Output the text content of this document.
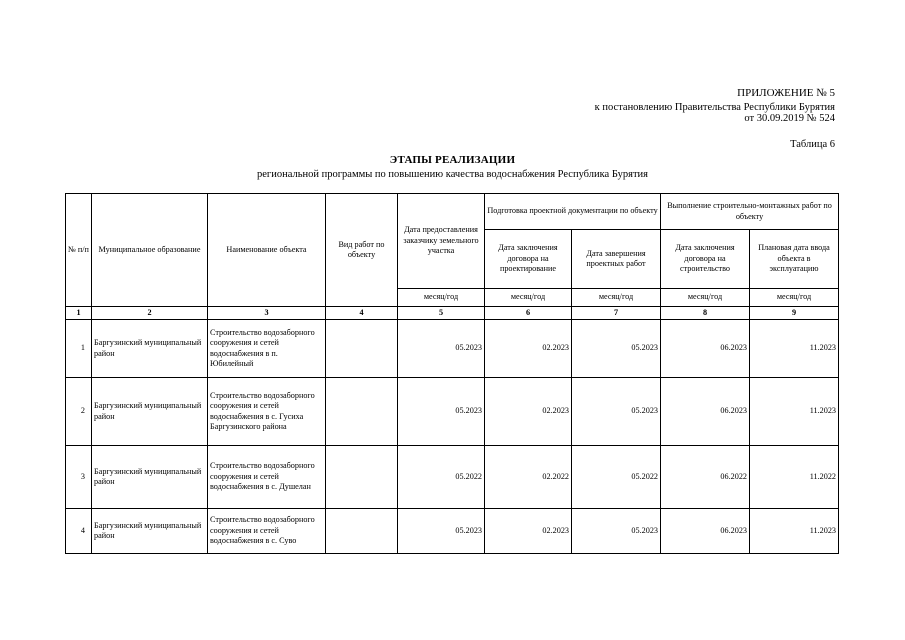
ПРИЛОЖЕНИЕ № 5
к постановлению Правительства Республики Бурятия
от 30.09.2019 № 524
Таблица 6
ЭТАПЫ РЕАЛИЗАЦИИ
региональной программы по повышению качества водоснабжения Республика Бурятия
№ п/п	Муниципальное образование	Наименование объекта	Вид работ по объекту	Дата предоставления заказчику земельного участка	Подготовка проектной документации по объекту		Выполнение строительно-монтажных работ по объекту	
					Дата заключения договора на проектирование	Дата завершения проектных работ	Дата заключения договора на строительство	Плановая дата ввода объекта в эксплуатацию
				месяц/год	месяц/год	месяц/год	месяц/год	месяц/год
1	2	3	4	5	6	7	8	9
1	Баргузинский муниципальный район	Строительство водозаборного сооружения и сетей водоснабжения в п. Юбилейный		05.2023	02.2023	05.2023	06.2023	11.2023
2	Баргузинский муниципальный район	Строительство водозаборного сооружения и сетей водоснабжения в с. Гусиха Баргузинского района		05.2023	02.2023	05.2023	06.2023	11.2023
3	Баргузинский муниципальный район	Строительство водозаборного сооружения и сетей водоснабжения в с. Душелан		05.2022	02.2022	05.2022	06.2022	11.2022
4	Баргузинский муниципальный район	Строительство водозаборного сооружения и сетей водоснабжения в с. Суво		05.2023	02.2023	05.2023	06.2023	11.2023
